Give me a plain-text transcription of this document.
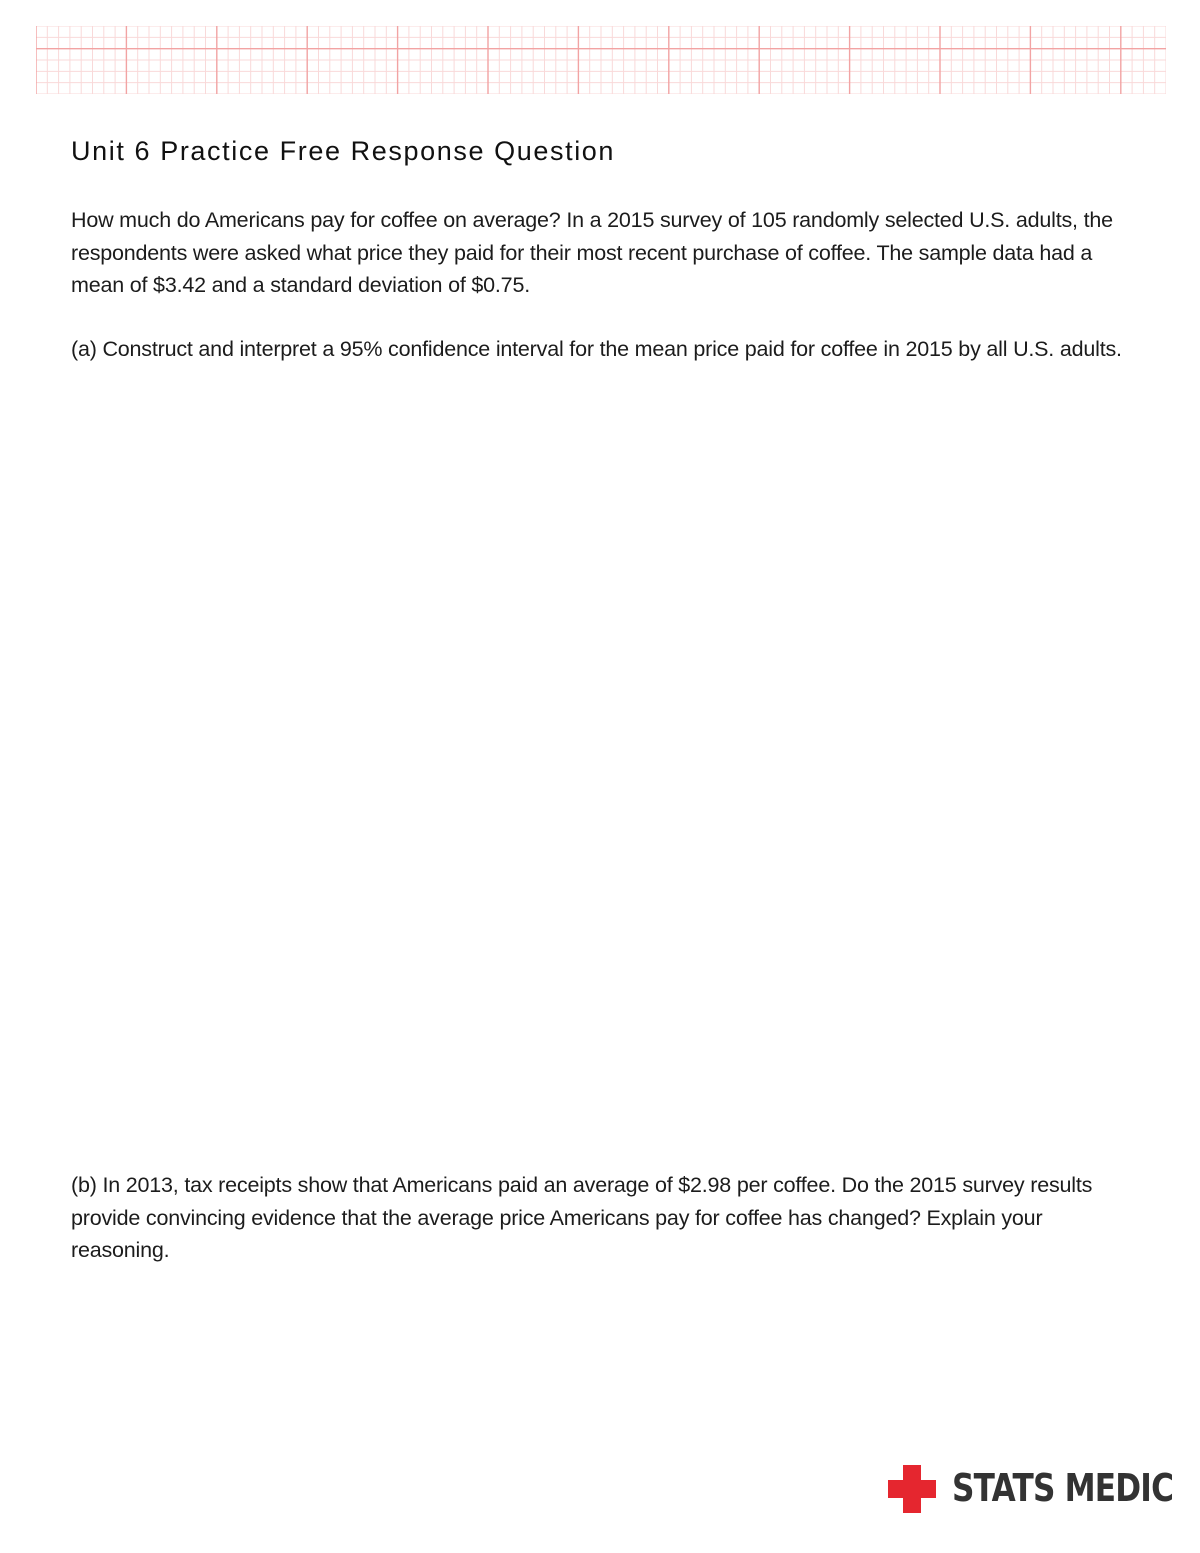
Unit 6 Practice Free Response Question

How much do Americans pay for coffee on average? In a 2015 survey of 105 randomly selected U.S. adults, the respondents were asked what price they paid for their most recent purchase of coffee. The sample data had a mean of $3.42 and a standard deviation of $0.75.

(a) Construct and interpret a 95% confidence interval for the mean price paid for coffee in 2015 by all U.S. adults.

(b) In 2013, tax receipts show that Americans paid an average of $2.98 per coffee. Do the 2015 survey results provide convincing evidence that the average price Americans pay for coffee has changed? Explain your reasoning.

STATS MEDIC
